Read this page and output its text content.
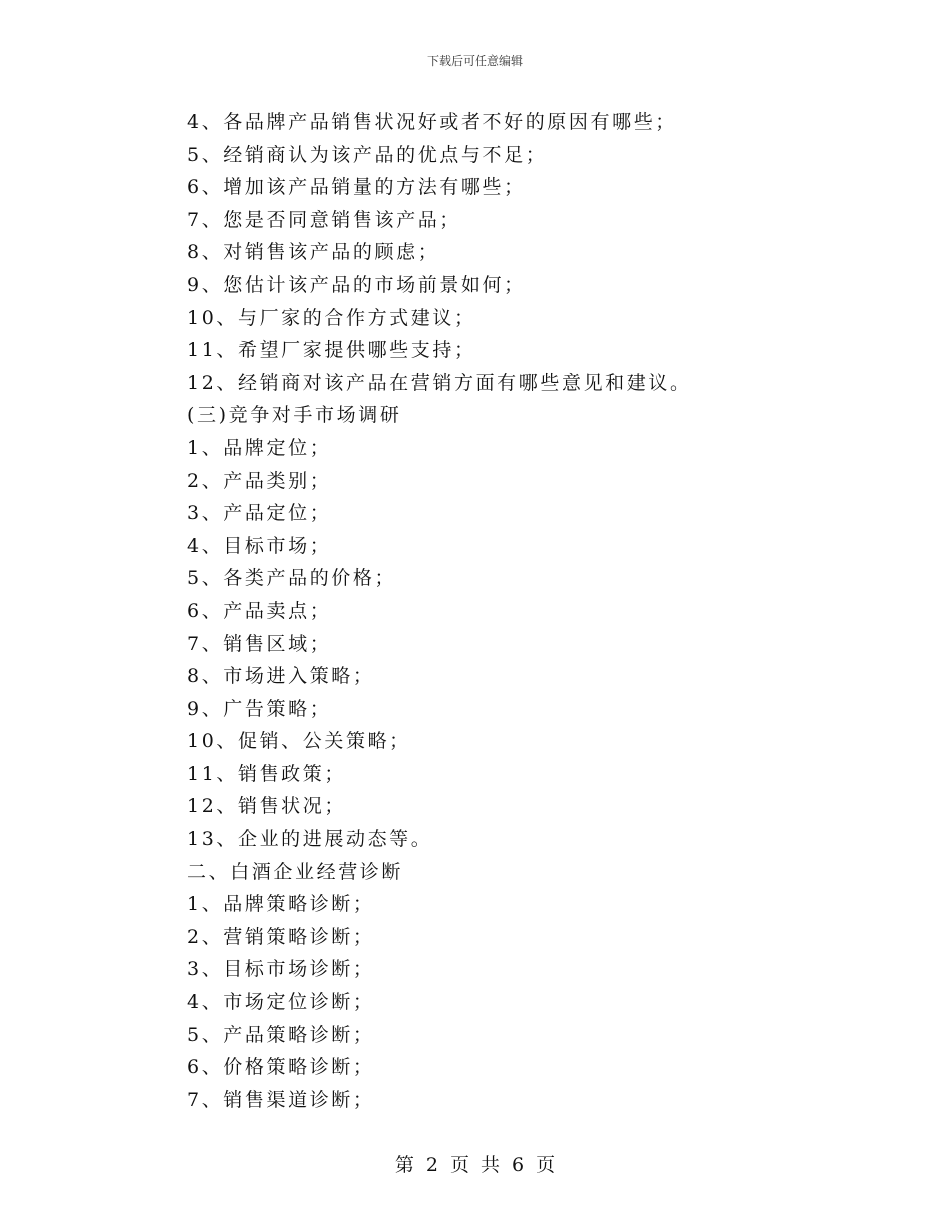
下载后可任意编辑
4、各品牌产品销售状况好或者不好的原因有哪些；
5、经销商认为该产品的优点与不足；
6、增加该产品销量的方法有哪些；
7、您是否同意销售该产品；
8、对销售该产品的顾虑；
9、您估计该产品的市场前景如何；
10、与厂家的合作方式建议；
11、希望厂家提供哪些支持；
12、经销商对该产品在营销方面有哪些意见和建议。
(三)竞争对手市场调研
1、品牌定位；
2、产品类别；
3、产品定位；
4、目标市场；
5、各类产品的价格；
6、产品卖点；
7、销售区域；
8、市场进入策略；
9、广告策略；
10、促销、公关策略；
11、销售政策；
12、销售状况；
13、企业的进展动态等。
二、白酒企业经营诊断
1、品牌策略诊断；
2、营销策略诊断；
3、目标市场诊断；
4、市场定位诊断；
5、产品策略诊断；
6、价格策略诊断；
7、销售渠道诊断；
第 2 页 共 6 页
